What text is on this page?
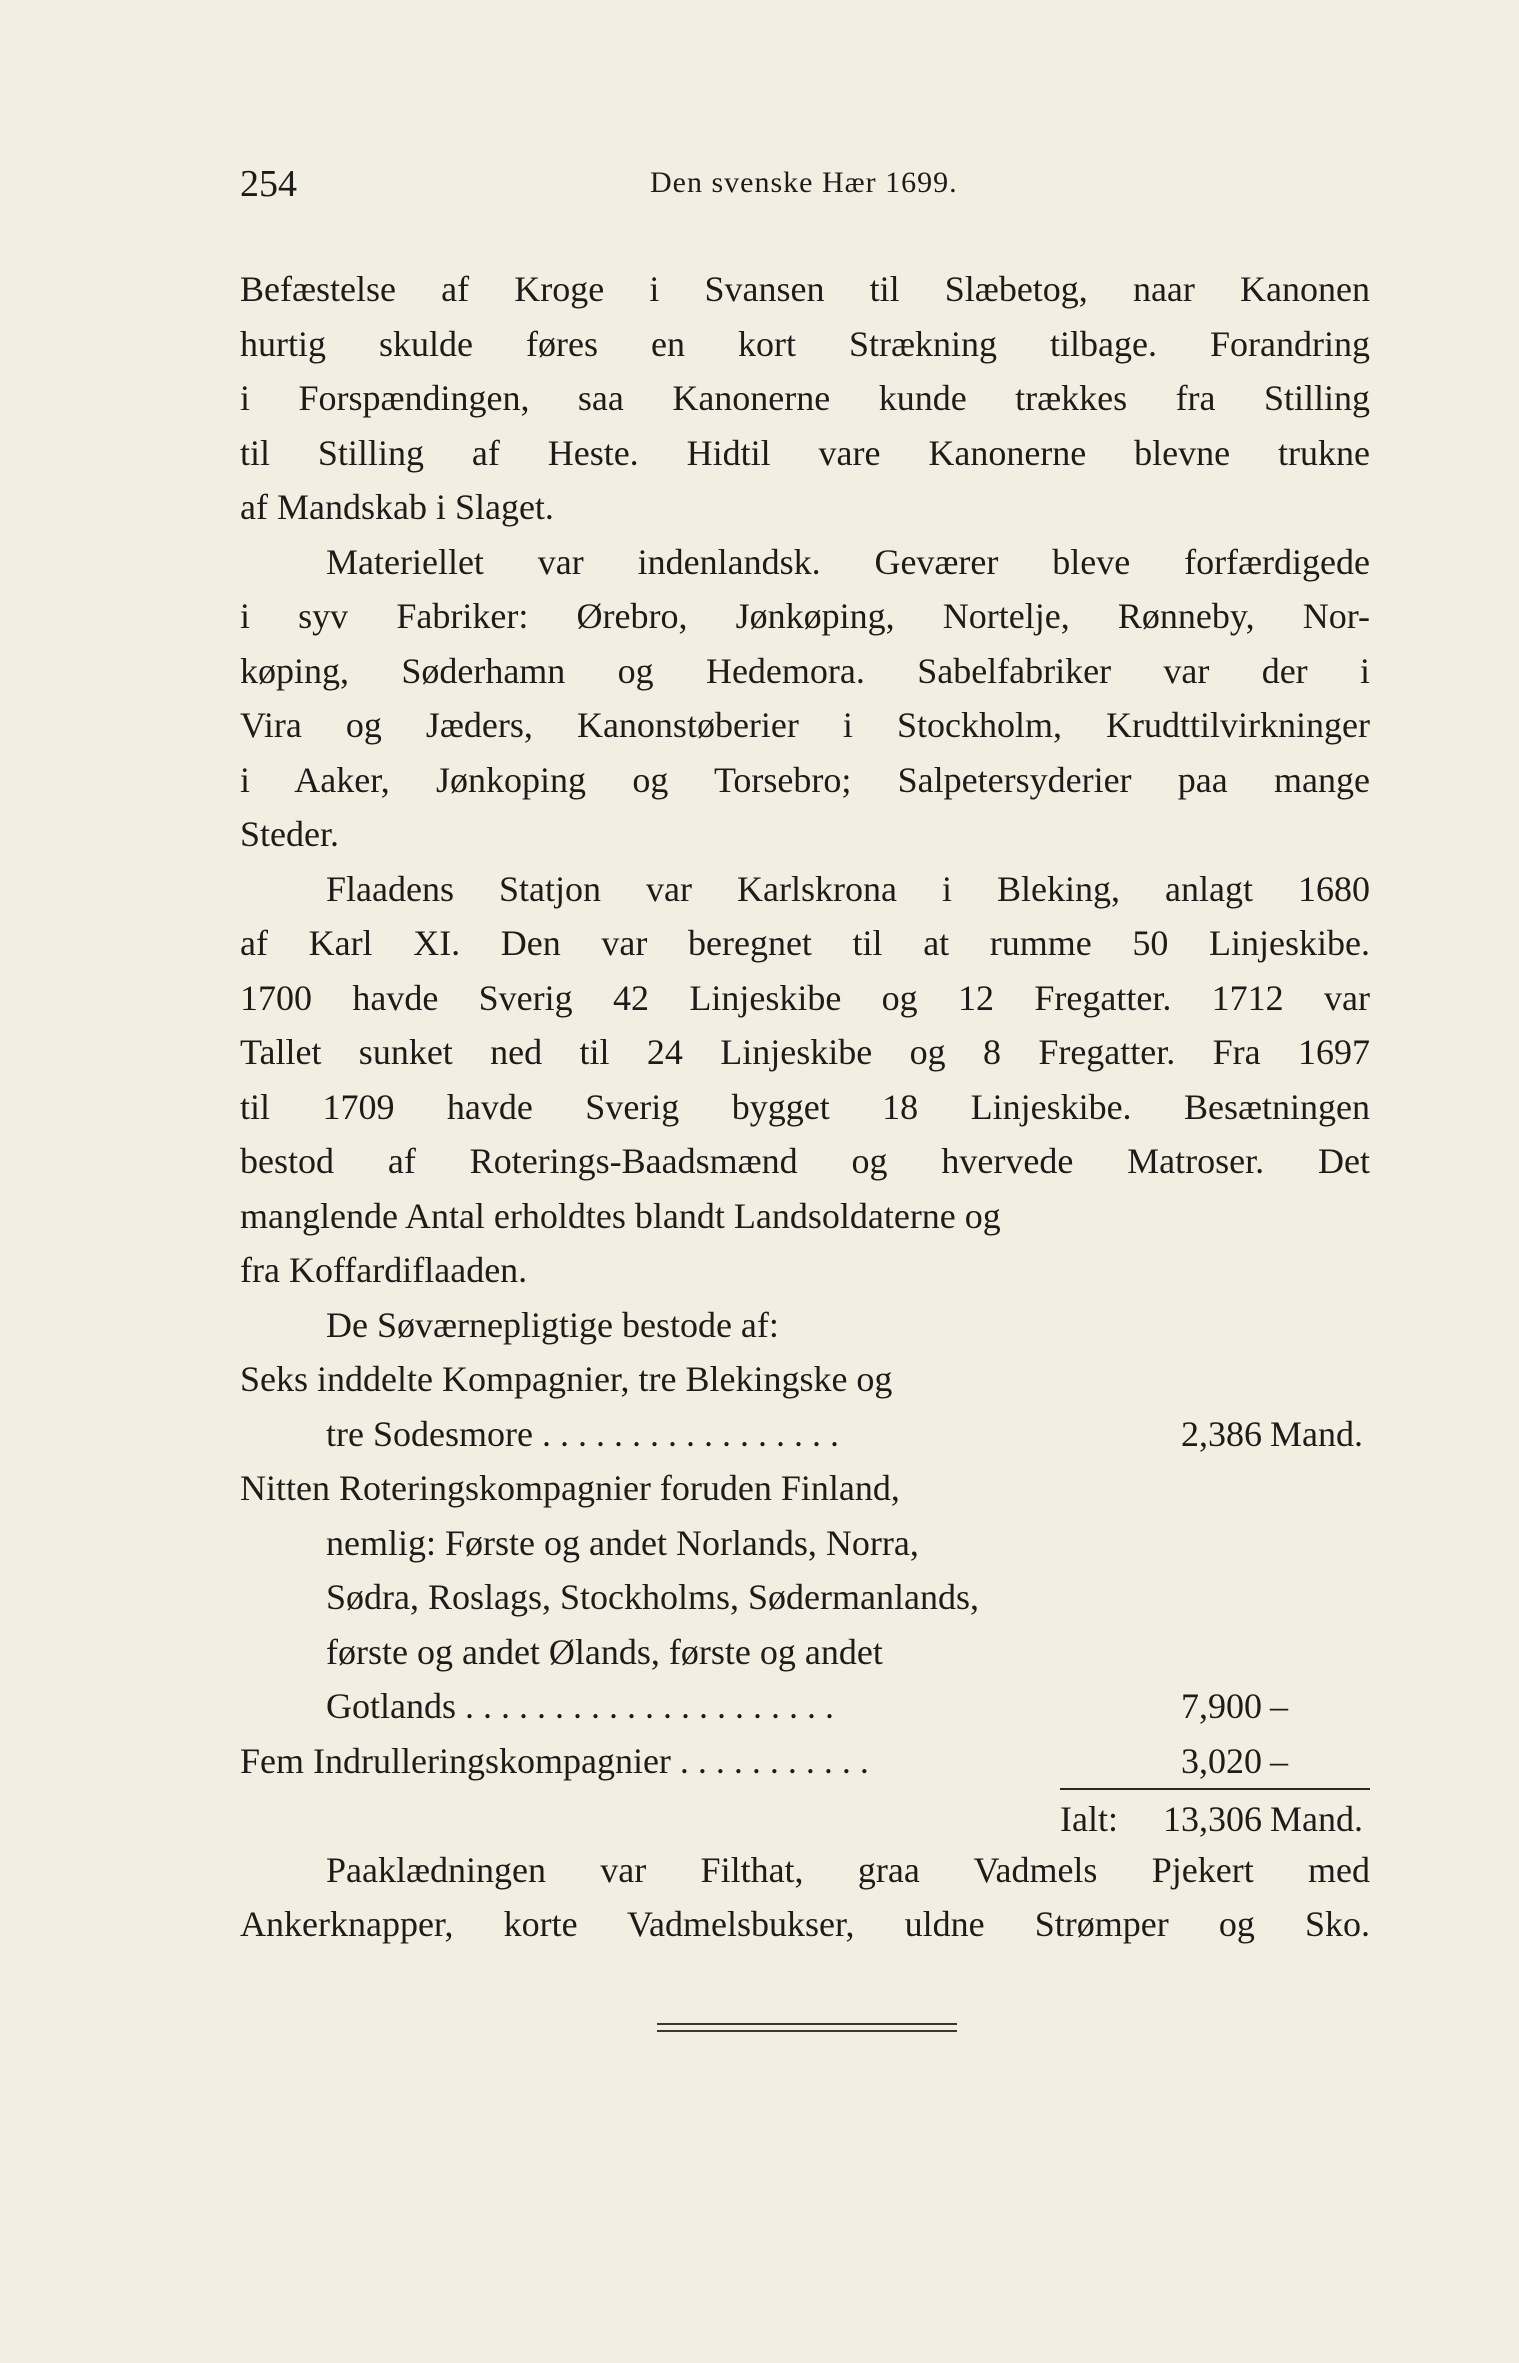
254	Den svenske Hær 1699.
Befæstelse af Kroge i Svansen til Slæbetog, naar Kanonen
hurtig skulde føres en kort Strækning tilbage. Forandring
i Forspændingen, saa Kanonerne kunde trækkes fra Stilling
til Stilling af Heste. Hidtil vare Kanonerne blevne trukne
af Mandskab i Slaget.
Materiellet var indenlandsk. Geværer bleve forfærdigede
i syv Fabriker: Ørebro, Jønkøping, Nortelje, Rønneby, Nor-
køping, Søderhamn og Hedemora. Sabelfabriker var der i
Vira og Jæders, Kanonstøberier i Stockholm, Krudttilvirkninger
i Aaker, Jønkoping og Torsebro; Salpetersyderier paa mange
Steder.
Flaadens Statjon var Karlskrona i Bleking, anlagt 1680
af Karl XI. Den var beregnet til at rumme 50 Linjeskibe.
1700 havde Sverig 42 Linjeskibe og 12 Fregatter. 1712 var
Tallet sunket ned til 24 Linjeskibe og 8 Fregatter. Fra 1697
til 1709 havde Sverig bygget 18 Linjeskibe. Besætningen
bestod af Roterings-Baadsmænd og hvervede Matroser. Det
manglende Antal erholdtes blandt Landsoldaterne og
fra Koffardiflaaden.
De Søværnepligtige bestode af:
Seks inddelte Kompagnier, tre Blekingske og
tre Sodesmore . . . . . . . . . . . . . . . . .	2,386 Mand.
Nitten Roteringskompagnier foruden Finland,
nemlig: Første og andet Norlands, Norra,
Sødra, Roslags, Stockholms, Sødermanlands,
første og andet Ølands, første og andet
Gotlands . . . . . . . . . . . . . . . . . . . . .	7,900 –
Fem Indrulleringskompagnier . . . . . . . . . . .	3,020 –
Ialt:	13,306 Mand.
Paaklædningen var Filthat, graa Vadmels Pjekert med
Ankerknapper, korte Vadmelsbukser, uldne Strømper og Sko.
